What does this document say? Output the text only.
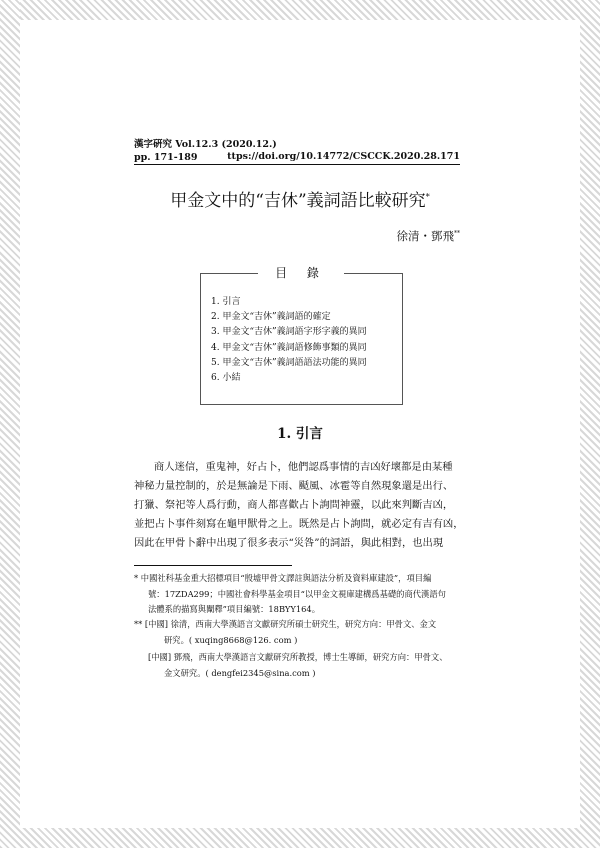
漢字硏究 Vol.12.3 (2020.12.)
pp. 171-189	ttps://doi.org/10.14772/CSCCK.2020.28.171
甲金文中的“吉休”義詞語比較研究*
徐清・鄧飛**
目 錄
1. 引言
2. 甲金文“吉休”義詞語的確定
3. 甲金文“吉休”義詞語字形字義的異同
4. 甲金文“吉休”義詞語修飾事類的異同
5. 甲金文“吉休”義詞語語法功能的異同
6. 小結
1. 引言
商人迷信，重鬼神，好占卜，他們認爲事情的吉凶好壞都是由某種
神秘力量控制的，於是無論是下雨、颳風、冰雹等自然現象還是出行、
打獵、祭祀等人爲行動，商人都喜歡占卜詢問神靈，以此來判斷吉凶，
並把占卜事件刻寫在龜甲獸骨之上。既然是占卜詢問，就必定有吉有凶，
因此在甲骨卜辭中出現了很多表示“災咎”的詞語，與此相對，也出現
* 中國社科基金重大招標項目“殷墟甲骨文譯註與語法分析及資料庫建設”，項目編
號：17ZDA299；中國社會科學基金項目“以甲金文視庫建構爲基礎的商代漢語句
法體系的描寫與闡釋”項目編號：18BYY164。
** [中國] 徐清，西南大學漢語言文獻研究所碩士研究生，研究方向：甲骨文、金文
研究。( xuqing8668@126. com )
[中國] 鄧飛，西南大學漢語言文獻研究所教授，博士生導師，研究方向：甲骨文、
金文研究。( dengfei2345@sina.com )
